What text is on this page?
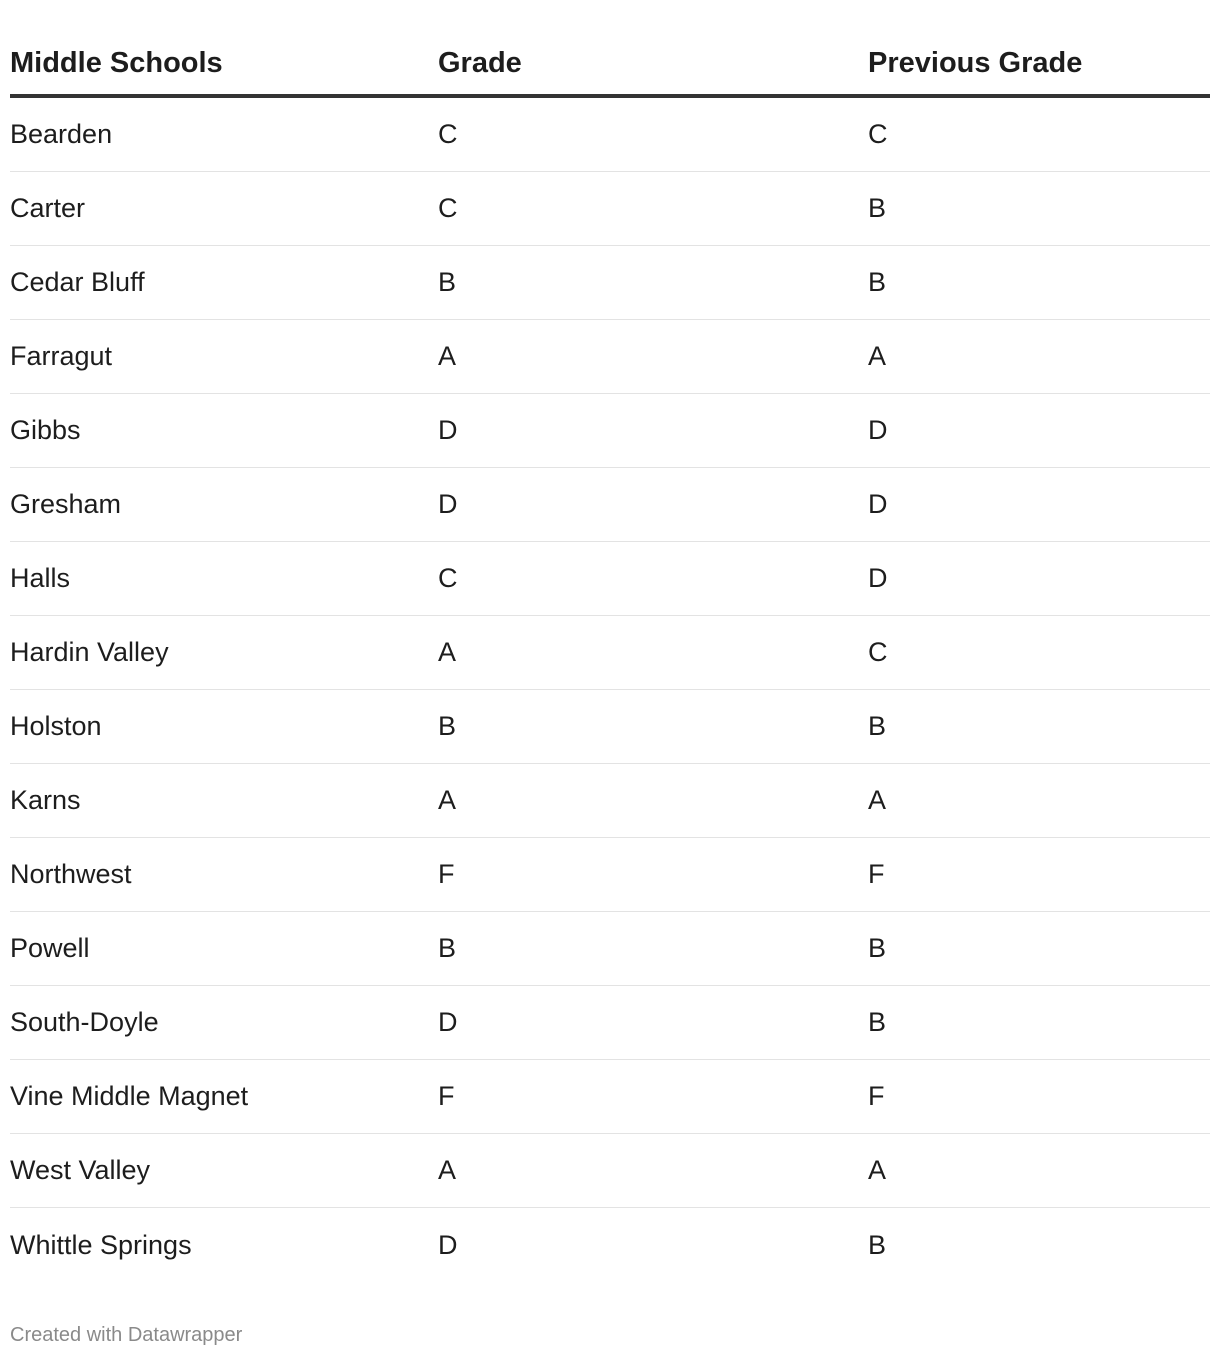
Middle Schools	Grade	Previous Grade
Bearden	C	C
Carter	C	B
Cedar Bluff	B	B
Farragut	A	A
Gibbs	D	D
Gresham	D	D
Halls	C	D
Hardin Valley	A	C
Holston	B	B
Karns	A	A
Northwest	F	F
Powell	B	B
South-Doyle	D	B
Vine Middle Magnet	F	F
West Valley	A	A
Whittle Springs	D	B
Created with Datawrapper
